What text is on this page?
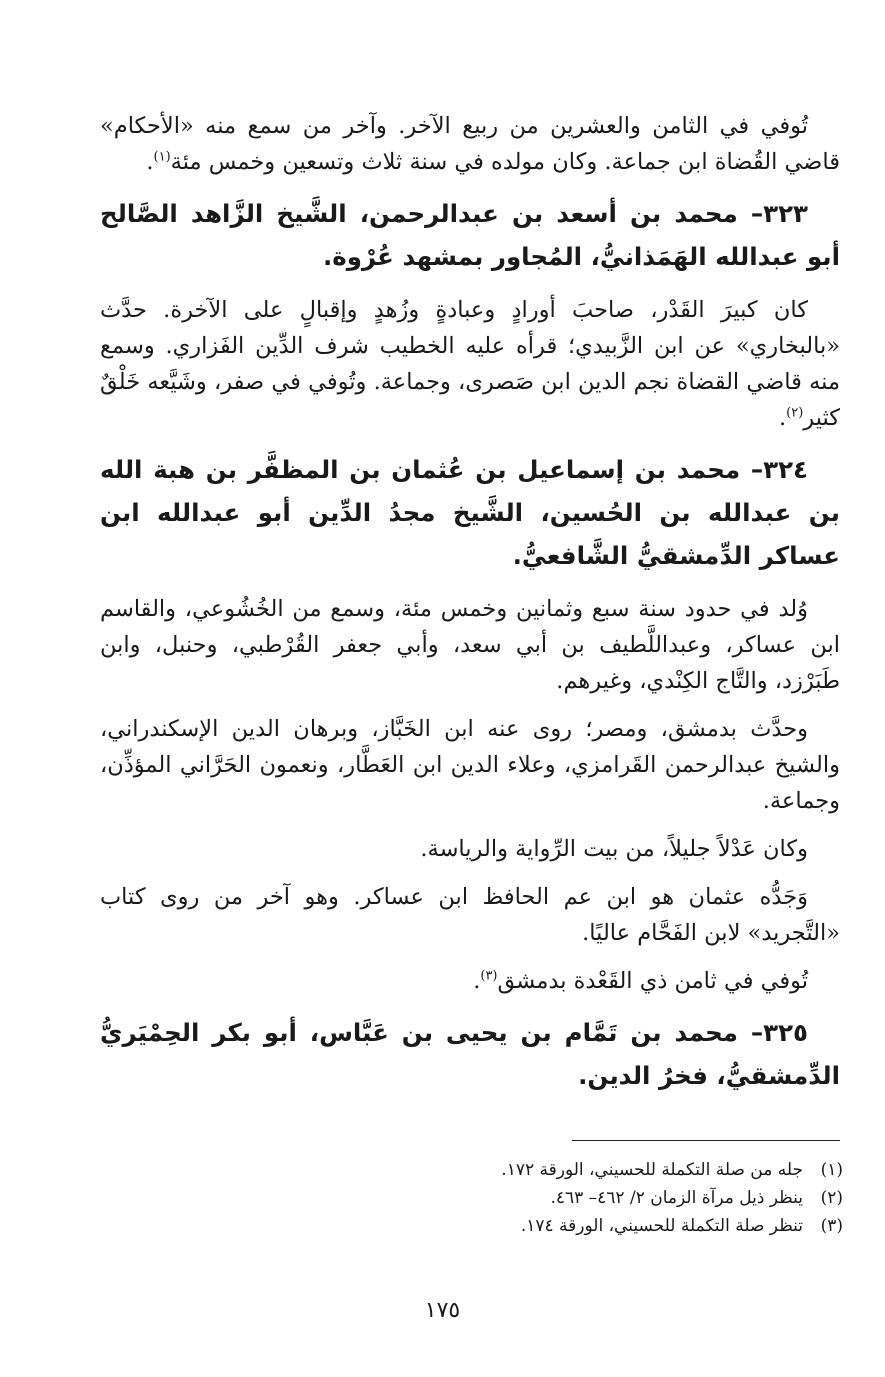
تُوفي في الثامن والعشرين من ربيع الآخر. وآخر من سمع منه «الأحكام» قاضي القُضاة ابن جماعة. وكان مولده في سنة ثلاث وتسعين وخمس مئة$^{(١)}$.

٣٢٣– محمد بن أسعد بن عبدالرحمن، الشَّيخ الزَّاهد الصَّالح أبو عبدالله الهَمَذانيُّ، المُجاور بمشهد عُرْوة.

كان كبيرَ القَدْر، صاحبَ أورادٍ وعبادةٍ وزُهدٍ وإقبالٍ على الآخرة. حدَّث «بالبخاري» عن ابن الزَّبيدي؛ قرأه عليه الخطيب شرف الدِّين الفَزاري. وسمع منه قاضي القضاة نجم الدين ابن صَصرى، وجماعة. وتُوفي في صفر، وشَيَّعه خَلْقٌ كثير$^{(٢)}$.

٣٢٤– محمد بن إسماعيل بن عُثمان بن المظفَّر بن هبة الله بن عبدالله بن الحُسين، الشَّيخ مجدُ الدِّين أبو عبدالله ابن عساكر الدِّمشقيُّ الشَّافعيُّ.

وُلد في حدود سنة سبع وثمانين وخمس مئة، وسمع من الخُشُوعي، والقاسم ابن عساكر، وعبداللَّطيف بن أبي سعد، وأبي جعفر القُرْطبي، وحنبل، وابن طَبَرْزد، والتَّاج الكِنْدي، وغيرهم.

وحدَّث بدمشق، ومصر؛ روى عنه ابن الخَبَّاز، وبرهان الدين الإسكندراني، والشيخ عبدالرحمن القَرامزي، وعلاء الدين ابن العَطَّار، ونعمون الحَرَّاني المؤذِّن، وجماعة.

وكان عَدْلاً جليلاً، من بيت الرِّواية والرياسة.

وَجَدُّه عثمان هو ابن عم الحافظ ابن عساكر. وهو آخر من روى كتاب «التَّجريد» لابن الفَحَّام عاليًا.

تُوفي في ثامن ذي القَعْدة بدمشق$^{(٣)}$.

٣٢٥– محمد بن تَمَّام بن يحيى بن عَبَّاس، أبو بكر الحِمْيَريُّ الدِّمشقيُّ، فخرُ الدين.

(١)جله من صلة التكملة للحسيني، الورقة ١٧٢.
(٢)ينظر ذيل مرآة الزمان ٢/ ٤٦٢– ٤٦٣.
(٣)تنظر صلة التكملة للحسيني، الورقة ١٧٤.
١٧٥
